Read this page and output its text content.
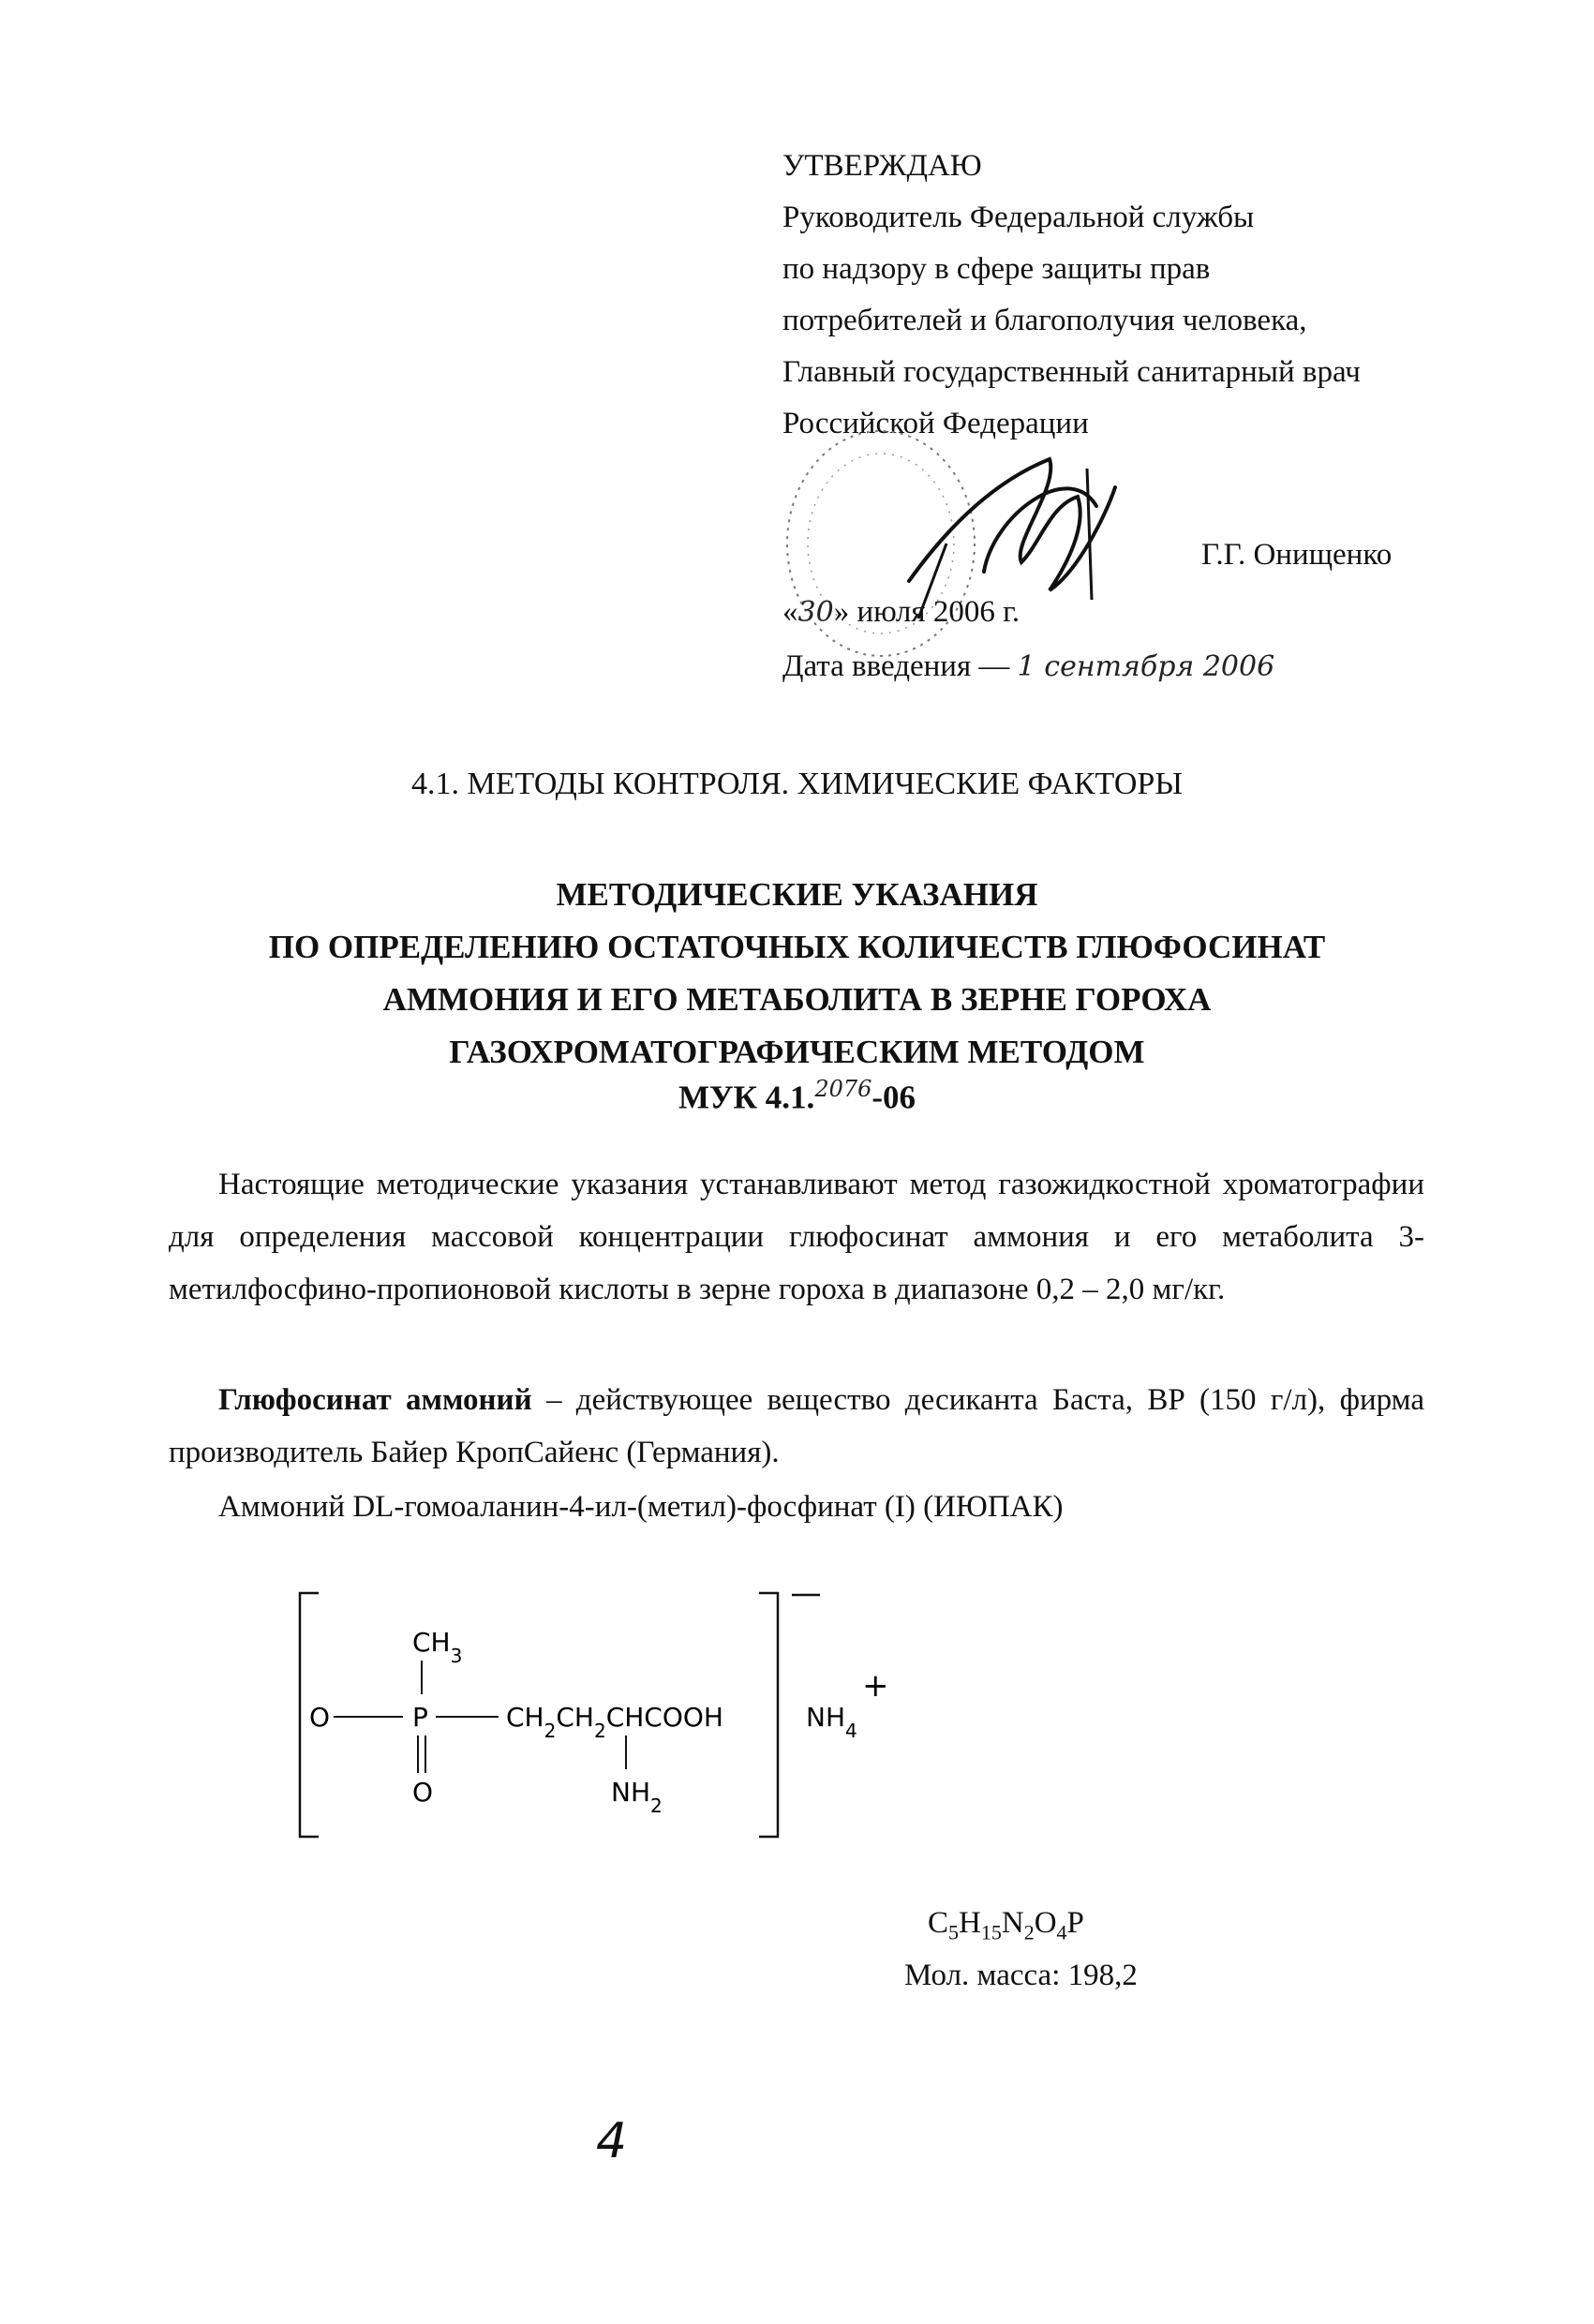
УТВЕРЖДАЮ
Руководитель Федеральной службы
по надзору в сфере защиты прав
потребителей и благополучия человека,
Главный государственный санитарный врач
Российской Федерации
Г.Г. Онищенко
«30» июля 2006 г.
Дата введения — 1 сентября 2006
4.1. МЕТОДЫ КОНТРОЛЯ. ХИМИЧЕСКИЕ ФАКТОРЫ
МЕТОДИЧЕСКИЕ УКАЗАНИЯ
ПО ОПРЕДЕЛЕНИЮ ОСТАТОЧНЫХ КОЛИЧЕСТВ ГЛЮФОСИНАТ
АММОНИЯ И ЕГО МЕТАБОЛИТА В ЗЕРНЕ ГОРОХА
ГАЗОХРОМАТОГРАФИЧЕСКИМ МЕТОДОМ
МУК 4.1.$^{2076}$-06
Настоящие методические указания устанавливают метод газожидкостной хроматографии для определения массовой концентрации глюфосинат аммония и его метаболита 3-метилфосфино-пропионовой кислоты в зерне гороха в диапазоне 0,2 – 2,0 мг/кг.
Глюфосинат аммоний – действующее вещество десиканта Баста, ВР (150 г/л), фирма производитель Байер КропСайенс (Германия).
Аммоний DL-гомоаланин-4-ил-(метил)-фосфинат (I) (ИЮПАК)
$CH_3$
O	P	$CH_2CH_2CHCOOH$
O	$NH_2$
$NH_4$
+
$C_5H_{15}N_2O_4P$
Мол. масса: 198,2
4
